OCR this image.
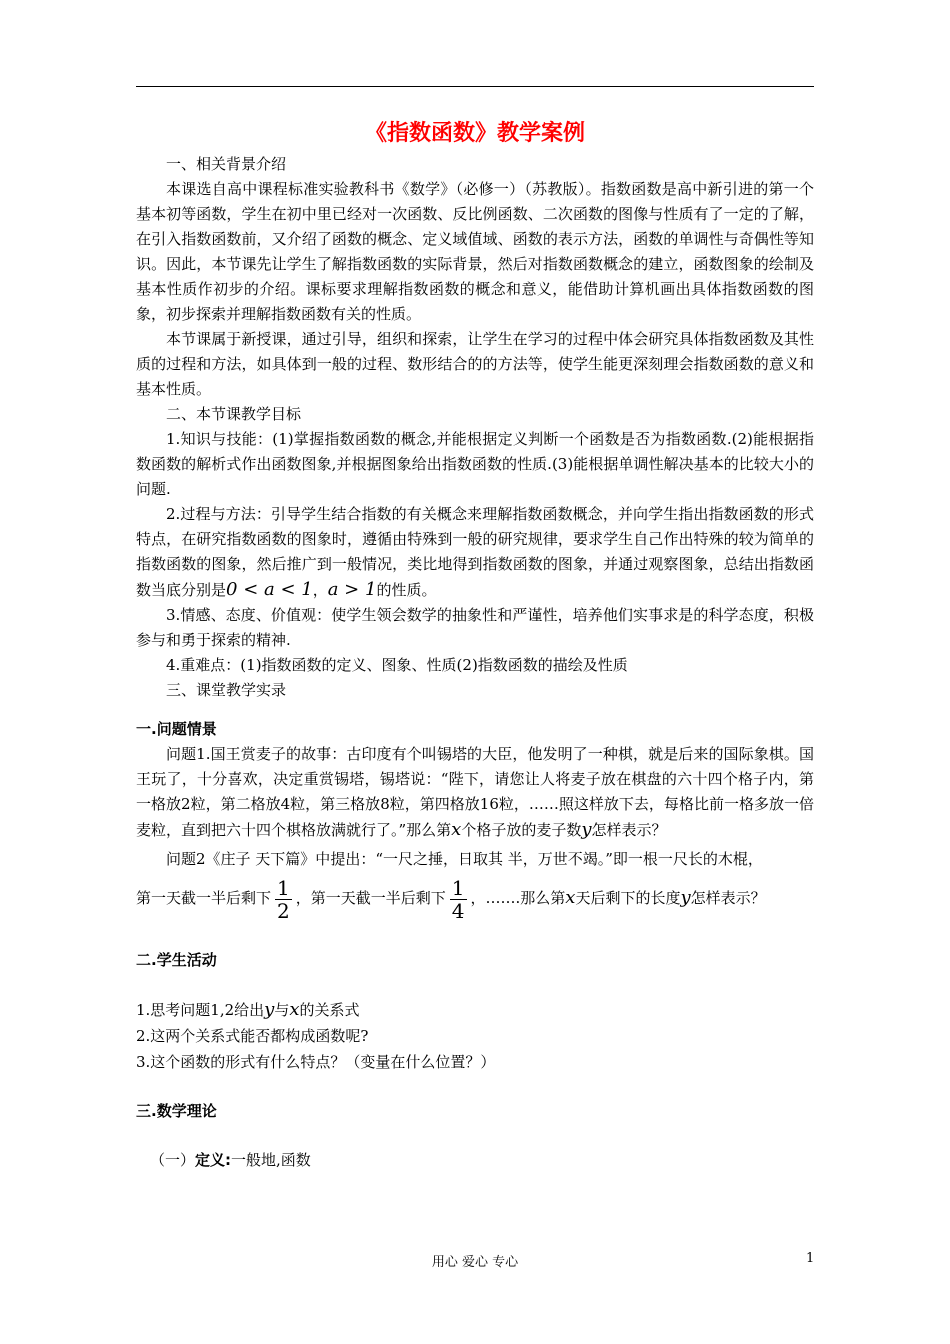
《指数函数》教学案例

一、相关背景介绍

本课选自高中课程标准实验教科书《数学》（必修一）（苏教版）。指数函数是高中新引进的第一个基本初等函数，学生在初中里已经对一次函数、反比例函数、二次函数的图像与性质有了一定的了解，在引入指数函数前，又介绍了函数的概念、定义域值域、函数的表示方法，函数的单调性与奇偶性等知识。因此，本节课先让学生了解指数函数的实际背景，然后对指数函数概念的建立，函数图象的绘制及基本性质作初步的介绍。课标要求理解指数函数的概念和意义，能借助计算机画出具体指数函数的图象，初步探索并理解指数函数有关的性质。

本节课属于新授课，通过引导，组织和探索，让学生在学习的过程中体会研究具体指数函数及其性质的过程和方法，如具体到一般的过程、数形结合的的方法等，使学生能更深刻理会指数函数的意义和基本性质。

二、本节课教学目标

1.知识与技能：(1)掌握指数函数的概念,并能根据定义判断一个函数是否为指数函数.(2)能根据指数函数的解析式作出函数图象,并根据图象给出指数函数的性质.(3)能根据单调性解决基本的比较大小的问题.

2.过程与方法：引导学生结合指数的有关概念来理解指数函数概念，并向学生指出指数函数的形式特点，在研究指数函数的图象时，遵循由特殊到一般的研究规律，要求学生自己作出特殊的较为简单的指数函数的图象，然后推广到一般情况，类比地得到指数函数的图象，并通过观察图象，总结出指数函数当底分别是0 < a < 1，a > 1的性质。

3.情感、态度、价值观：使学生领会数学的抽象性和严谨性，培养他们实事求是的科学态度，积极参与和勇于探索的精神.

4.重难点：(1)指数函数的定义、图象、性质(2)指数函数的描绘及性质

三、课堂教学实录

一.问题情景

问题1.国王赏麦子的故事：古印度有个叫锡塔的大臣，他发明了一种棋，就是后来的国际象棋。国王玩了，十分喜欢，决定重赏锡塔，锡塔说：“陛下，请您让人将麦子放在棋盘的六十四个格子内，第一格放2粒，第二格放4粒，第三格放8粒，第四格放16粒，……照这样放下去，每格比前一格多放一倍麦粒，直到把六十四个棋格放满就行了。”那么第x个格子放的麦子数y怎样表示？

问题2《庄子 天下篇》中提出：“一尺之捶，日取其 半，万世不竭。”即一根一尺长的木棍，

第一天截一半后剩下 $\frac{1}{2}$ ，第一天截一半后剩下 $\frac{1}{4}$ ，…….那么第x天后剩下的长度y怎样表示？

二.学生活动

1.思考问题1,2给出y与x的关系式

2.这两个关系式能否都构成函数呢?

3.这个函数的形式有什么特点？（变量在什么位置？）

三.数学理论

（一）定义:一般地,函数

用心 爱心 专心	1
